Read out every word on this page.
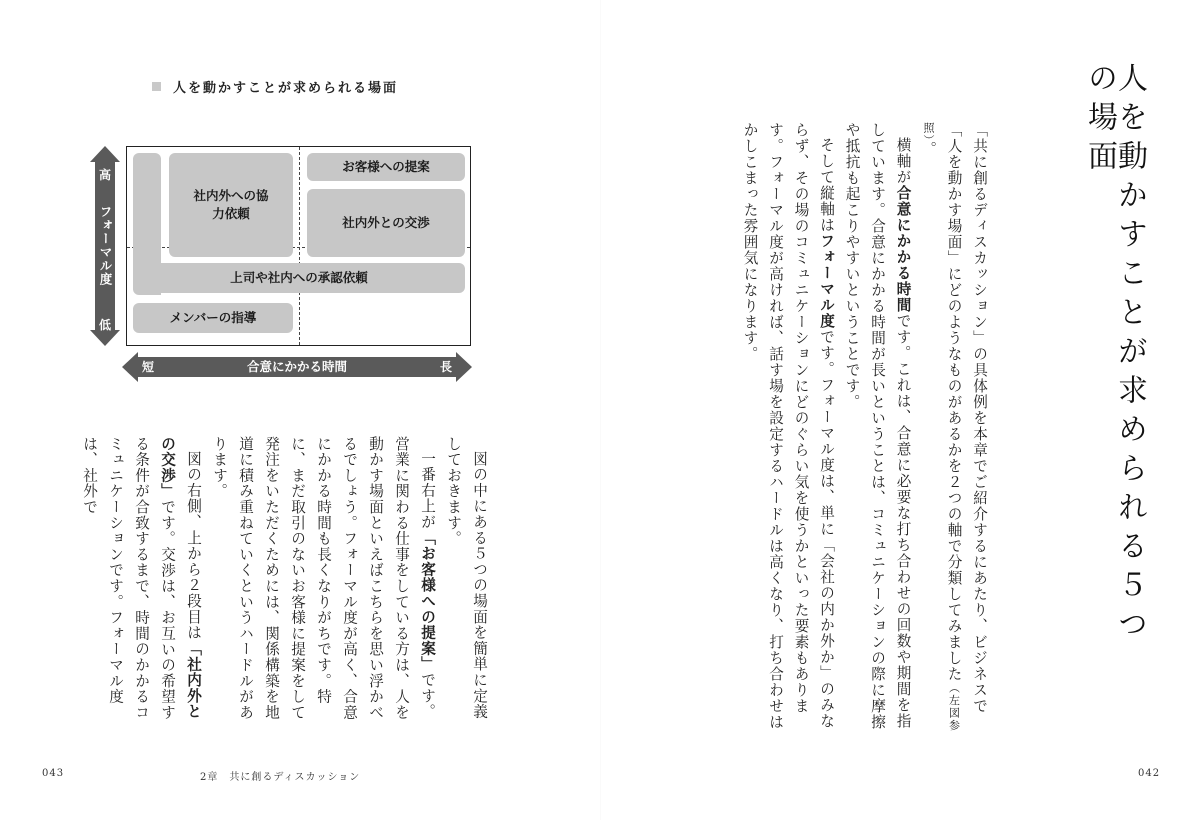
人を動かすことが求められる５つの場面

「共に創るディスカッション」の具体例を本章でご紹介するにあたり、ビジネスで「人を動かす場面」にどのようなものがあるかを２つの軸で分類してみました（左図参照）。

横軸が合意にかかる時間です。これは、合意に必要な打ち合わせの回数や期間を指しています。合意にかかる時間が長いということは、コミュニケーションの際に摩擦や抵抗も起こりやすいということです。

そして縦軸はフォーマル度です。フォーマル度は、単に「会社の内か外か」のみならず、その場のコミュニケーションにどのぐらい気を使うかといった要素もあります。フォーマル度が高ければ、話す場を設定するハードルは高くなり、打ち合わせはかしこまった雰囲気になります。

人を動かすことが求められる場面
高
フォーマル度
低
上司や社内への承認依頼
社内外への協力依頼
お客様への提案
社内外との交渉
メンバーの指導
短	合意にかかる時間	長

図の中にある５つの場面を簡単に定義しておきます。

一番右上が「お客様への提案」です。営業に関わる仕事をしている方は、人を動かす場面といえばこちらを思い浮かべるでしょう。フォーマル度が高く、合意にかかる時間も長くなりがちです。特に、まだ取引のないお客様に提案をして発注をいただくためには、関係構築を地道に積み重ねていくというハードルがあります。

図の右側、上から２段目は「社内外との交渉」です。交渉は、お互いの希望する条件が合致するまで、時間のかかるコミュニケーションです。フォーマル度は、社外で

043	2章　共に創るディスカッション	042
